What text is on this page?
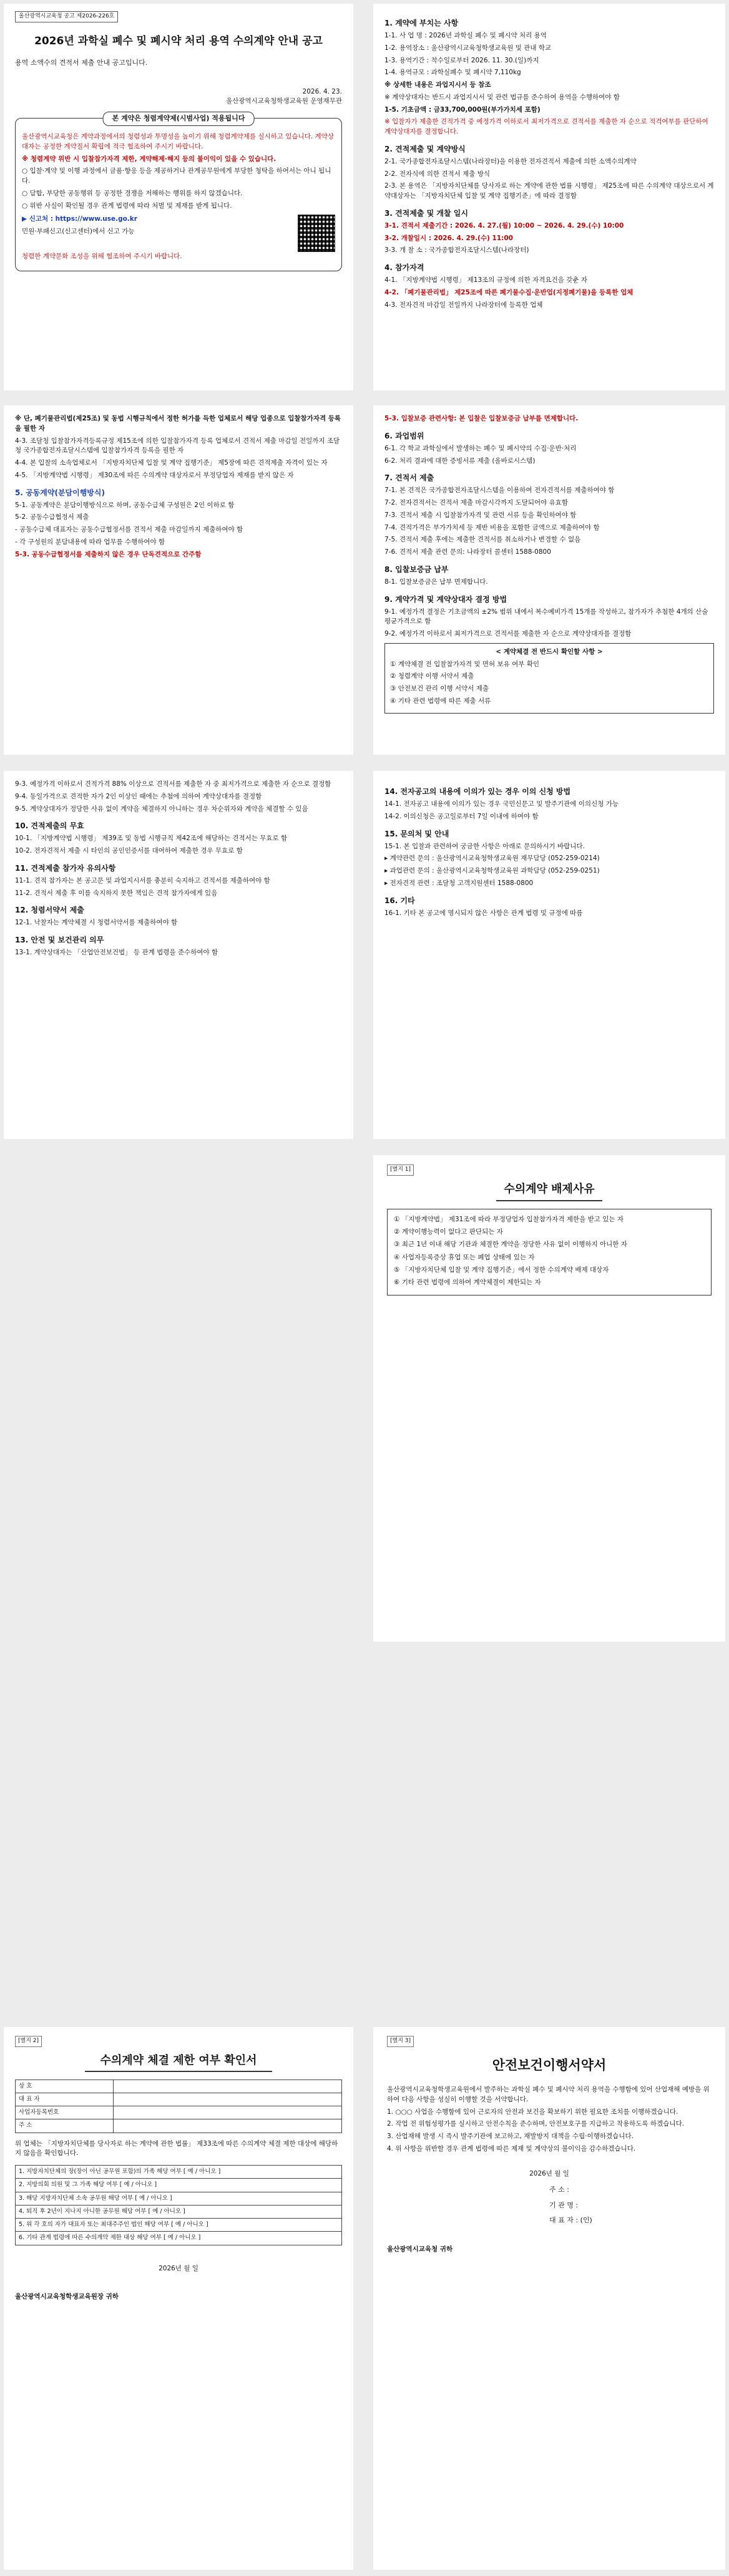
울산광역시교육청 공고 제2026-226호
2026년 과학실 폐수 및 폐시약 처리 용역 수의계약 안내 공고
용역 소액수의 견적서 제출 안내 공고입니다.
2026. 4. 23.
울산광역시교육청학생교육원 운영재무관
본 계약은 청렴계약제(시범사업) 적용됩니다

울산광역시교육청은 계약과정에서의 청렴성과 투명성을 높이기 위해 청렴계약제를 실시하고 있습니다. 계약상대자는 공정한 계약질서 확립에 적극 협조하여 주시기 바랍니다.

※ 청렴계약 위반 시 입찰참가자격 제한, 계약해제·해지 등의 불이익이 있을 수 있습니다.

○ 입찰·계약 및 이행 과정에서 금품·향응 등을 제공하거나 관계공무원에게 부당한 청탁을 하여서는 아니 됩니다.

○ 담합, 부당한 공동행위 등 공정한 경쟁을 저해하는 행위를 하지 않겠습니다.

○ 위반 사실이 확인될 경우 관계 법령에 따라 처벌 및 제재를 받게 됩니다.

▶ 신고처 : https://www.use.go.kr

민원·부패신고(신고센터)에서 신고 가능

청렴한 계약문화 조성을 위해 협조하여 주시기 바랍니다.

1. 계약에 부치는 사항

1-1. 사 업 명 : 2026년 과학실 폐수 및 폐시약 처리 용역

1-2. 용역장소 : 울산광역시교육청학생교육원 및 관내 학교

1-3. 용역기간 : 착수일로부터 2026. 11. 30.(일)까지

1-4. 용역규모 : 과학실폐수 및 폐시약 7,110kg

※ 상세한 내용은 과업지시서 등 참조

※ 계약상대자는 반드시 과업지시서 및 관련 법규를 준수하여 용역을 수행하여야 함

1-5. 기초금액 : 금33,700,000원(부가가치세 포함)

※ 입찰자가 제출한 견적가격 중 예정가격 이하로서 최저가격으로 견적서를 제출한 자 순으로 적격여부를 판단하여 계약상대자를 결정합니다.

2. 견적제출 및 계약방식

2-1. 국가종합전자조달시스템(나라장터)을 이용한 전자견적서 제출에 의한 소액수의계약

2-2. 전자식에 의한 견적서 제출 방식

2-3. 본 용역은 「지방자치단체를 당사자로 하는 계약에 관한 법률 시행령」 제25조에 따른 수의계약 대상으로서 계약대상자는 「지방자치단체 입찰 및 계약 집행기준」에 따라 결정함

3. 견적제출 및 개찰 일시

3-1. 견적서 제출기간 : 2026. 4. 27.(월) 10:00 ~ 2026. 4. 29.(수) 10:00

3-2. 개찰일시 : 2026. 4. 29.(수) 11:00

3-3. 개 찰 소 : 국가종합전자조달시스템(나라장터)

4. 참가자격

4-1. 「지방계약법 시행령」 제13조의 규정에 의한 자격요건을 갖춘 자

4-2. 「폐기물관리법」 제25조에 따른 폐기물수집·운반업(지정폐기물)을 등록한 업체

4-3. 전자견적 마감일 전일까지 나라장터에 등록한 업체

※ 단, 폐기물관리법(제25조) 및 동법 시행규칙에서 정한 허가를 득한 업체로서 해당 업종으로 입찰참가자격 등록을 필한 자

4-3. 조달청 입찰참가자격등록규정 제15조에 의한 입찰참가자격 등록 업체로서 견적서 제출 마감일 전일까지 조달청 국가종합전자조달시스템에 입찰참가자격 등록을 필한 자

4-4. 본 입찰의 소속업체로서 「지방자치단체 입찰 및 계약 집행기준」 제5장에 따른 견적제출 자격이 있는 자

4-5. 「지방계약법 시행령」 제30조에 따른 수의계약 대상자로서 부정당업자 제재를 받지 않은 자

5. 공동계약(분담이행방식)

5-1. 공동계약은 분담이행방식으로 하며, 공동수급체 구성원은 2인 이하로 함

5-2. 공동수급협정서 제출

- 공동수급체 대표자는 공동수급협정서를 견적서 제출 마감일까지 제출하여야 함

- 각 구성원의 분담내용에 따라 업무를 수행하여야 함

5-3. 공동수급협정서를 제출하지 않은 경우 단독견적으로 간주함

5-3. 입찰보증 관련사항: 본 입찰은 입찰보증금 납부를 면제합니다.

6. 과업범위

6-1. 각 학교 과학실에서 발생하는 폐수 및 폐시약의 수집·운반·처리

6-2. 처리 결과에 대한 증빙서류 제출 (올바로시스템)

7. 견적서 제출

7-1. 본 견적은 국가종합전자조달시스템을 이용하여 전자견적서를 제출하여야 함

7-2. 전자견적서는 견적서 제출 마감시각까지 도달되어야 유효함

7-3. 견적서 제출 시 입찰참가자격 및 관련 서류 등을 확인하여야 함

7-4. 견적가격은 부가가치세 등 제반 비용을 포함한 금액으로 제출하여야 함

7-5. 견적서 제출 후에는 제출한 견적서를 취소하거나 변경할 수 없음

7-6. 견적서 제출 관련 문의: 나라장터 콜센터 1588-0800

8. 입찰보증금 납부

8-1. 입찰보증금은 납부 면제합니다.

9. 계약가격 및 계약상대자 결정 방법

9-1. 예정가격 결정은 기초금액의 ±2% 범위 내에서 복수예비가격 15개를 작성하고, 참가자가 추첨한 4개의 산술평균가격으로 함

9-2. 예정가격 이하로서 최저가격으로 견적서를 제출한 자 순으로 계약상대자를 결정함

< 계약체결 전 반드시 확인할 사항 >

① 계약체결 전 입찰참가자격 및 면허 보유 여부 확인

② 청렴계약 이행 서약서 제출

③ 안전보건 관리 이행 서약서 제출

④ 기타 관련 법령에 따른 제출 서류

9-3. 예정가격 이하로서 견적가격 88% 이상으로 견적서를 제출한 자 중 최저가격으로 제출한 자 순으로 결정함

9-4. 동일가격으로 견적한 자가 2인 이상인 때에는 추첨에 의하여 계약상대자를 결정함

9-5. 계약상대자가 정당한 사유 없이 계약을 체결하지 아니하는 경우 차순위자와 계약을 체결할 수 있음

10. 견적제출의 무효

10-1. 「지방계약법 시행령」 제39조 및 동법 시행규칙 제42조에 해당하는 견적서는 무효로 함

10-2. 전자견적서 제출 시 타인의 공인인증서를 대여하여 제출한 경우 무효로 함

11. 견적제출 참가자 유의사항

11-1. 견적 참가자는 본 공고문 및 과업지시서를 충분히 숙지하고 견적서를 제출하여야 함

11-2. 견적서 제출 후 이를 숙지하지 못한 책임은 견적 참가자에게 있음

12. 청렴서약서 제출

12-1. 낙찰자는 계약체결 시 청렴서약서를 제출하여야 함

13. 안전 및 보건관리 의무

13-1. 계약상대자는 「산업안전보건법」 등 관계 법령을 준수하여야 함

14. 전자공고의 내용에 이의가 있는 경우 이의 신청 방법

14-1. 전자공고 내용에 이의가 있는 경우 국민신문고 및 발주기관에 이의신청 가능

14-2. 이의신청은 공고일로부터 7일 이내에 하여야 함

15. 문의처 및 안내

15-1. 본 입찰과 관련하여 궁금한 사항은 아래로 문의하시기 바랍니다.

▸ 계약관련 문의 : 울산광역시교육청학생교육원 재무담당 (052-259-0214)

▸ 과업관련 문의 : 울산광역시교육청학생교육원 과학담당 (052-259-0251)

▸ 전자견적 관련 : 조달청 고객지원센터 1588-0800

16. 기타

16-1. 기타 본 공고에 명시되지 않은 사항은 관계 법령 및 규정에 따름

[별지 1]
수의계약 배제사유

① 「지방계약법」 제31조에 따라 부정당업자 입찰참가자격 제한을 받고 있는 자

② 계약이행능력이 없다고 판단되는 자

③ 최근 1년 이내 해당 기관과 체결한 계약을 정당한 사유 없이 이행하지 아니한 자

④ 사업자등록증상 휴업 또는 폐업 상태에 있는 자

⑤ 「지방자치단체 입찰 및 계약 집행기준」에서 정한 수의계약 배제 대상자

⑥ 기타 관련 법령에 의하여 계약체결이 제한되는 자

[별지 2]
수의계약 체결 제한 여부 확인서
상 호	
대 표 자	
사업자등록번호	
주 소	

위 업체는 「지방자치단체를 당사자로 하는 계약에 관한 법률」 제33조에 따른 수의계약 체결 제한 대상에 해당하지 않음을 확인합니다.

1. 지방자치단체의 장(장이 아닌 공무원 포함)의 가족 해당 여부 [ 예 / 아니오 ]
2. 지방의회 의원 및 그 가족 해당 여부 [ 예 / 아니오 ]
3. 해당 지방자치단체 소속 공무원 해당 여부 [ 예 / 아니오 ]
4. 퇴직 후 2년이 지나지 아니한 공무원 해당 여부 [ 예 / 아니오 ]
5. 위 각 호의 자가 대표자 또는 최대주주인 법인 해당 여부 [ 예 / 아니오 ]
6. 기타 관계 법령에 따른 수의계약 제한 대상 해당 여부 [ 예 / 아니오 ]

2026년 월 일

울산광역시교육청학생교육원장 귀하

[별지 3]
안전보건이행서약서

울산광역시교육청학생교육원에서 발주하는 과학실 폐수 및 폐시약 처리 용역을 수행함에 있어 산업재해 예방을 위하여 다음 사항을 성실히 이행할 것을 서약합니다.

1. ○○○ 사업을 수행함에 있어 근로자의 안전과 보건을 확보하기 위한 필요한 조치를 이행하겠습니다.

2. 작업 전 위험성평가를 실시하고 안전수칙을 준수하며, 안전보호구를 지급하고 착용하도록 하겠습니다.

3. 산업재해 발생 시 즉시 발주기관에 보고하고, 재발방지 대책을 수립·이행하겠습니다.

4. 위 사항을 위반할 경우 관계 법령에 따른 제재 및 계약상의 불이익을 감수하겠습니다.

2026년 월 일

주 소 :
기 관 명 :
대 표 자 : (인)

울산광역시교육청 귀하
